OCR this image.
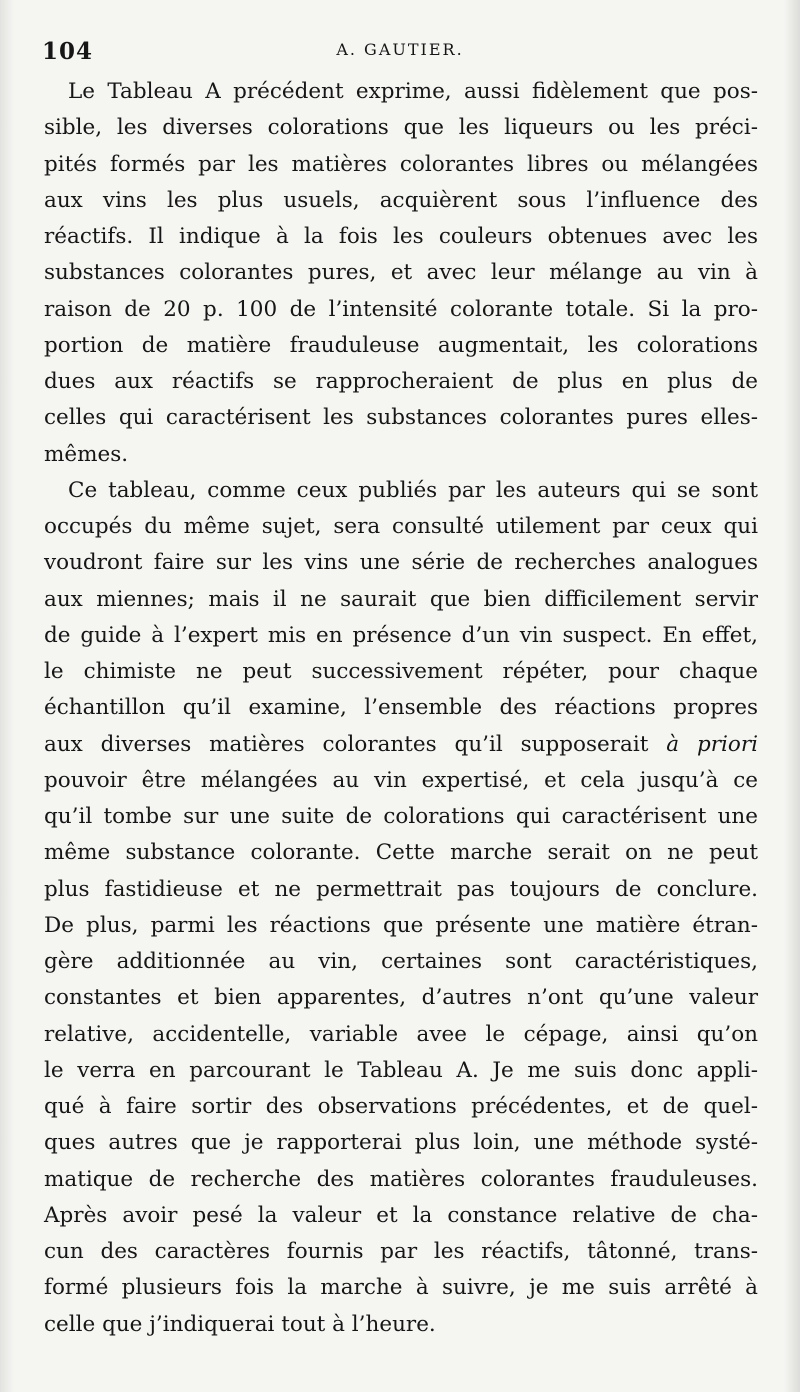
104	A. GAUTIER.
Le Tableau A précédent exprime, aussi fidèlement que pos-
sible, les diverses colorations que les liqueurs ou les préci-
pités formés par les matières colorantes libres ou mélangées
aux vins les plus usuels, acquièrent sous l’influence des
réactifs. Il indique à la fois les couleurs obtenues avec les
substances colorantes pures, et avec leur mélange au vin à
raison de 20 p. 100 de l’intensité colorante totale. Si la pro-
portion de matière frauduleuse augmentait, les colorations
dues aux réactifs se rapprocheraient de plus en plus de
celles qui caractérisent les substances colorantes pures elles-
mêmes.
Ce tableau, comme ceux publiés par les auteurs qui se sont
occupés du même sujet, sera consulté utilement par ceux qui
voudront faire sur les vins une série de recherches analogues
aux miennes; mais il ne saurait que bien difficilement servir
de guide à l’expert mis en présence d’un vin suspect. En effet,
le chimiste ne peut successivement répéter, pour chaque
échantillon qu’il examine, l’ensemble des réactions propres
aux diverses matières colorantes qu’il supposerait à priori
pouvoir être mélangées au vin expertisé, et cela jusqu’à ce
qu’il tombe sur une suite de colorations qui caractérisent une
même substance colorante. Cette marche serait on ne peut
plus fastidieuse et ne permettrait pas toujours de conclure.
De plus, parmi les réactions que présente une matière étran-
gère additionnée au vin, certaines sont caractéristiques,
constantes et bien apparentes, d’autres n’ont qu’une valeur
relative, accidentelle, variable avee le cépage, ainsi qu’on
le verra en parcourant le Tableau A. Je me suis donc appli-
qué à faire sortir des observations précédentes, et de quel-
ques autres que je rapporterai plus loin, une méthode systé-
matique de recherche des matières colorantes frauduleuses.
Après avoir pesé la valeur et la constance relative de cha-
cun des caractères fournis par les réactifs, tâtonné, trans-
formé plusieurs fois la marche à suivre, je me suis arrêté à
celle que j’indiquerai tout à l’heure.
